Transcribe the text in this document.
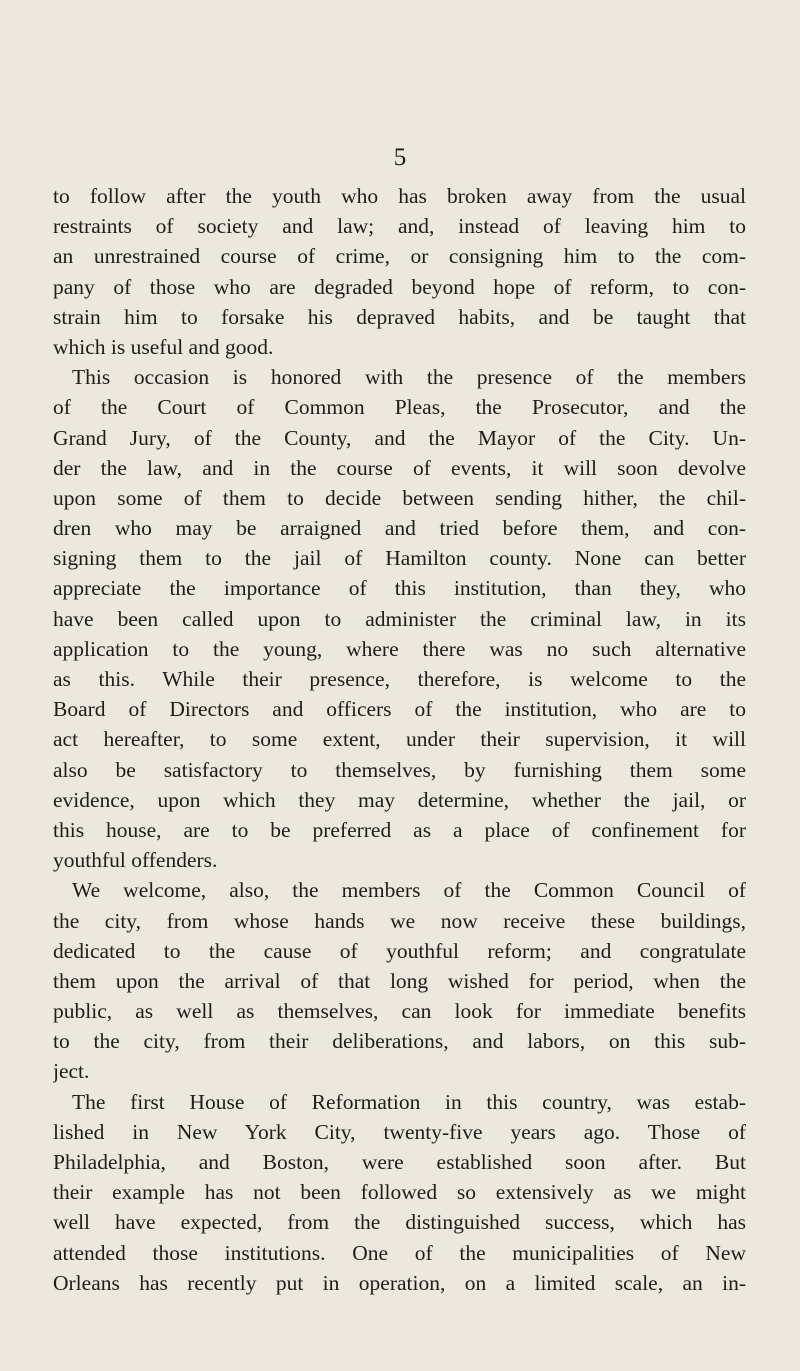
5
to follow after the youth who has broken away from the usual
restraints of society and law; and, instead of leaving him to
an unrestrained course of crime, or consigning him to the com-
pany of those who are degraded beyond hope of reform, to con-
strain him to forsake his depraved habits, and be taught that
which is useful and good.
This occasion is honored with the presence of the members
of the Court of Common Pleas, the Prosecutor, and the
Grand Jury, of the County, and the Mayor of the City. Un-
der the law, and in the course of events, it will soon devolve
upon some of them to decide between sending hither, the chil-
dren who may be arraigned and tried before them, and con-
signing them to the jail of Hamilton county. None can better
appreciate the importance of this institution, than they, who
have been called upon to administer the criminal law, in its
application to the young, where there was no such alternative
as this. While their presence, therefore, is welcome to the
Board of Directors and officers of the institution, who are to
act hereafter, to some extent, under their supervision, it will
also be satisfactory to themselves, by furnishing them some
evidence, upon which they may determine, whether the jail, or
this house, are to be preferred as a place of confinement for
youthful offenders.
We welcome, also, the members of the Common Council of
the city, from whose hands we now receive these buildings,
dedicated to the cause of youthful reform; and congratulate
them upon the arrival of that long wished for period, when the
public, as well as themselves, can look for immediate benefits
to the city, from their deliberations, and labors, on this sub-
ject.
The first House of Reformation in this country, was estab-
lished in New York City, twenty-five years ago. Those of
Philadelphia, and Boston, were established soon after. But
their example has not been followed so extensively as we might
well have expected, from the distinguished success, which has
attended those institutions. One of the municipalities of New
Orleans has recently put in operation, on a limited scale, an in-
